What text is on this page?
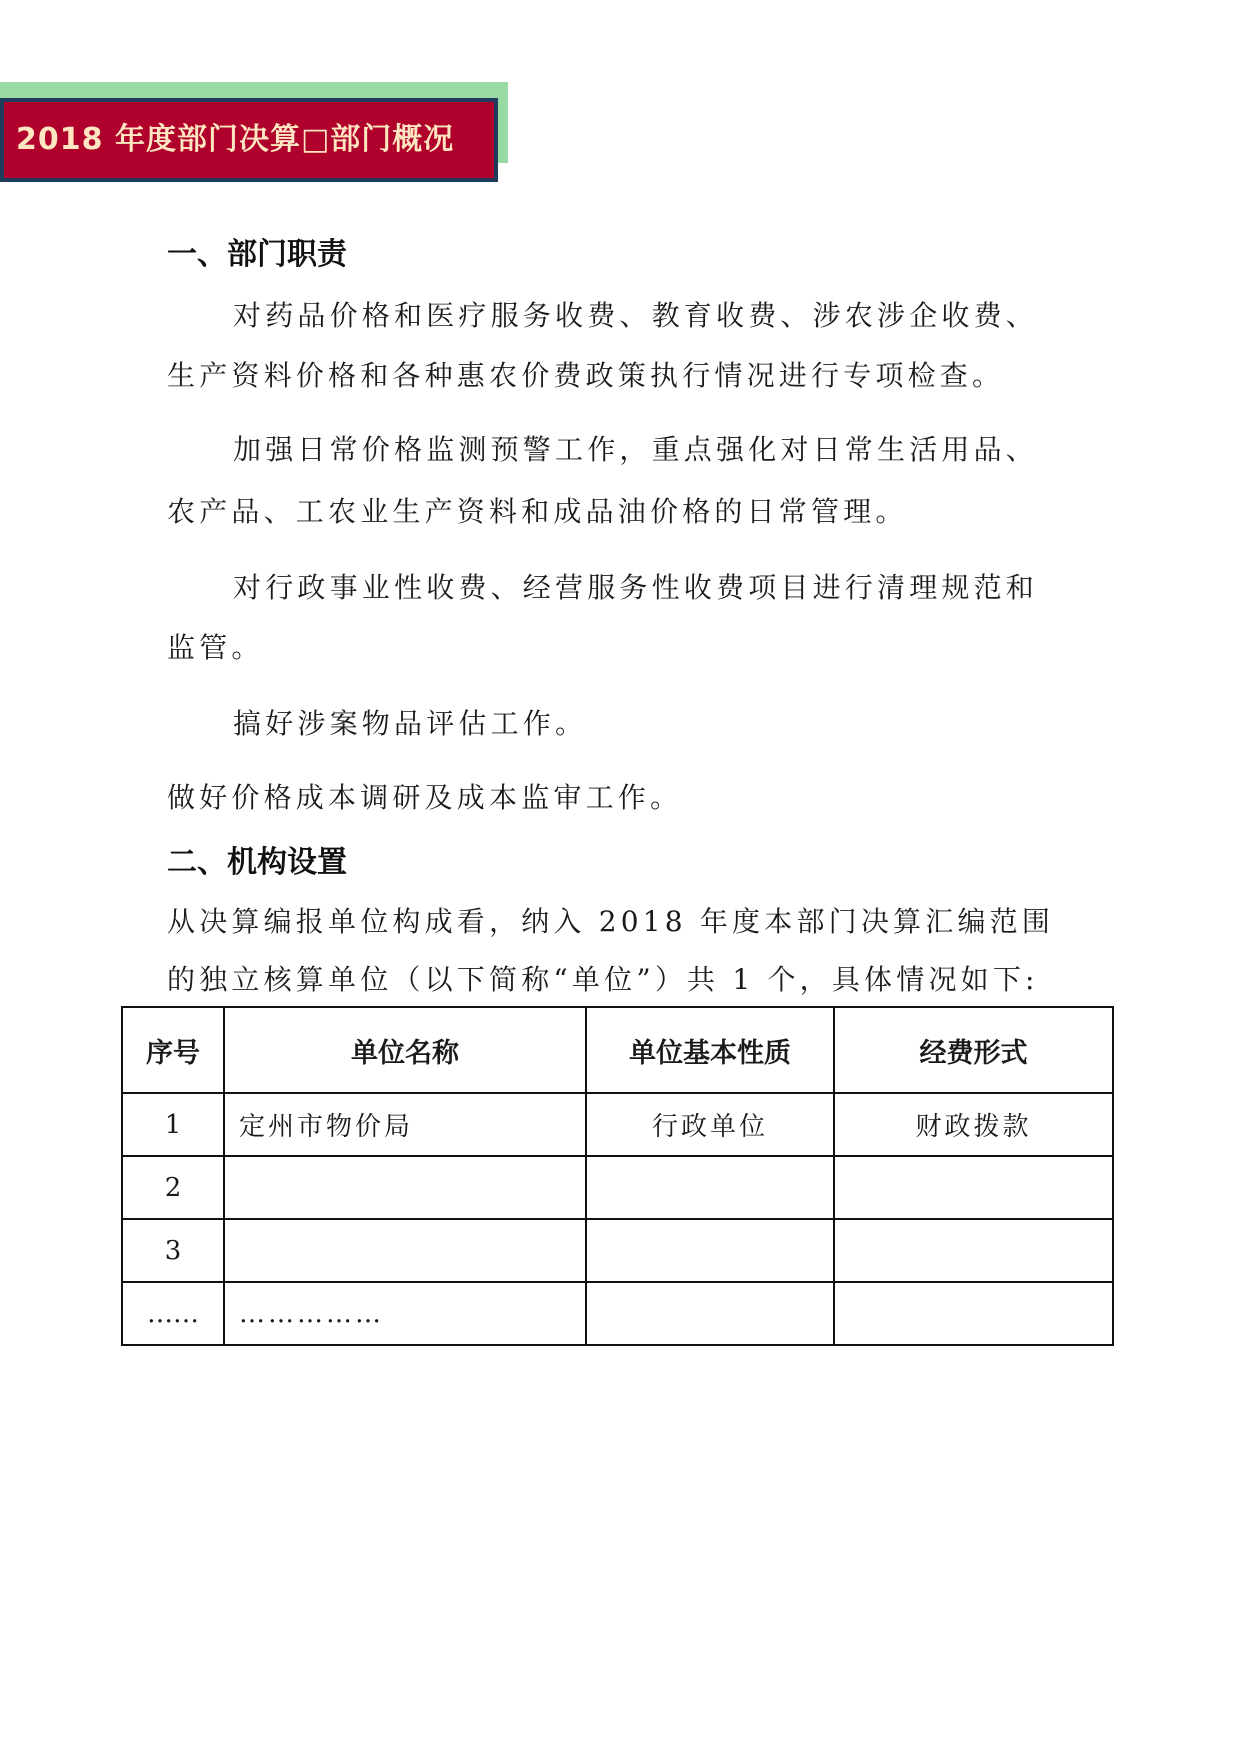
2018 年度部门决算□部门概况
一、部门职责
对药品价格和医疗服务收费、教育收费、涉农涉企收费、
生产资料价格和各种惠农价费政策执行情况进行专项检查。
加强日常价格监测预警工作，重点强化对日常生活用品、
农产品、工农业生产资料和成品油价格的日常管理。
对行政事业性收费、经营服务性收费项目进行清理规范和
监管。
搞好涉案物品评估工作。
做好价格成本调研及成本监审工作。
二、机构设置
从决算编报单位构成看，纳入 2018 年度本部门决算汇编范围
的独立核算单位（以下简称“单位”）共 1 个，具体情况如下:
序号	单位名称	单位基本性质	经费形式
1	定州市物价局	行政单位	财政拨款
2			
3			
……	……………		
